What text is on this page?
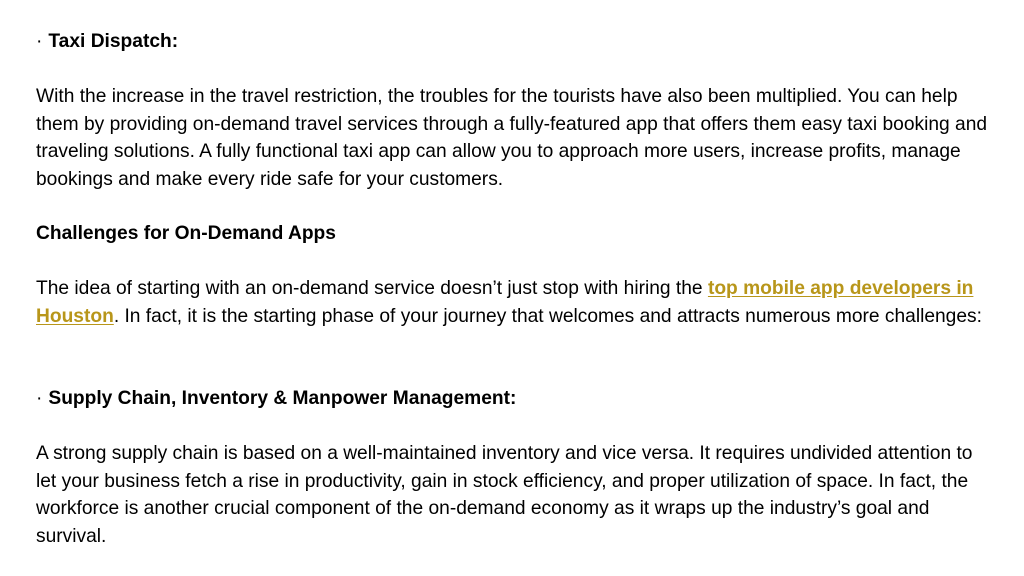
· Taxi Dispatch:

With the increase in the travel restriction, the troubles for the tourists have also been multiplied. You can help them by providing on-demand travel services through a fully-featured app that offers them easy taxi booking and traveling solutions. A fully functional taxi app can allow you to approach more users, increase profits, manage bookings and make every ride safe for your customers.

Challenges for On-Demand Apps

The idea of starting with an on-demand service doesn’t just stop with hiring the top mobile app developers in Houston. In fact, it is the starting phase of your journey that welcomes and attracts numerous more challenges:

· Supply Chain, Inventory & Manpower Management:

A strong supply chain is based on a well-maintained inventory and vice versa. It requires undivided attention to let your business fetch a rise in productivity, gain in stock efficiency, and proper utilization of space. In fact, the workforce is another crucial component of the on-demand economy as it wraps up the industry’s goal and survival.
